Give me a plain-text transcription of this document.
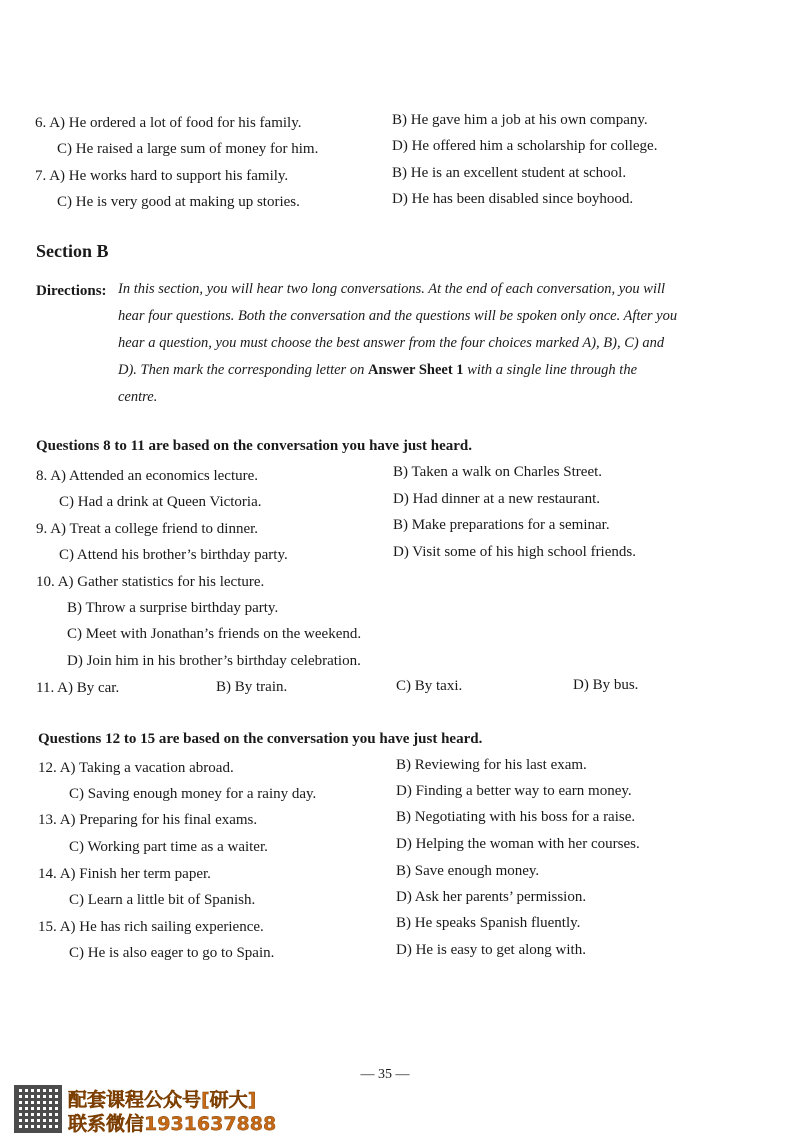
6. A) He ordered a lot of food for his family.	B) He gave him a job at his own company.
C) He raised a large sum of money for him.	D) He offered him a scholarship for college.
7. A) He works hard to support his family.	B) He is an excellent student at school.
C) He is very good at making up stories.	D) He has been disabled since boyhood.
Section B
Directions: In this section, you will hear two long conversations. At the end of each conversation, you will
hear four questions. Both the conversation and the questions will be spoken only once. After you
hear a question, you must choose the best answer from the four choices marked A), B), C) and
D). Then mark the corresponding letter on Answer Sheet 1 with a single line through the
centre.
Questions 8 to 11 are based on the conversation you have just heard.
8. A) Attended an economics lecture.	B) Taken a walk on Charles Street.
C) Had a drink at Queen Victoria.	D) Had dinner at a new restaurant.
9. A) Treat a college friend to dinner.	B) Make preparations for a seminar.
C) Attend his brother’s birthday party.	D) Visit some of his high school friends.
10. A) Gather statistics for his lecture.
B) Throw a surprise birthday party.
C) Meet with Jonathan’s friends on the weekend.
D) Join him in his brother’s birthday celebration.
11. A) By car.	B) By train.	C) By taxi.	D) By bus.
Questions 12 to 15 are based on the conversation you have just heard.
12. A) Taking a vacation abroad.	B) Reviewing for his last exam.
C) Saving enough money for a rainy day.	D) Finding a better way to earn money.
13. A) Preparing for his final exams.	B) Negotiating with his boss for a raise.
C) Working part time as a waiter.	D) Helping the woman with her courses.
14. A) Finish her term paper.	B) Save enough money.
C) Learn a little bit of Spanish.	D) Ask her parents’ permission.
15. A) He has rich sailing experience.	B) He speaks Spanish fluently.
C) He is also eager to go to Spain.	D) He is easy to get along with.
— 35 —
配套课程公众号[研大]
联系微信1931637888
